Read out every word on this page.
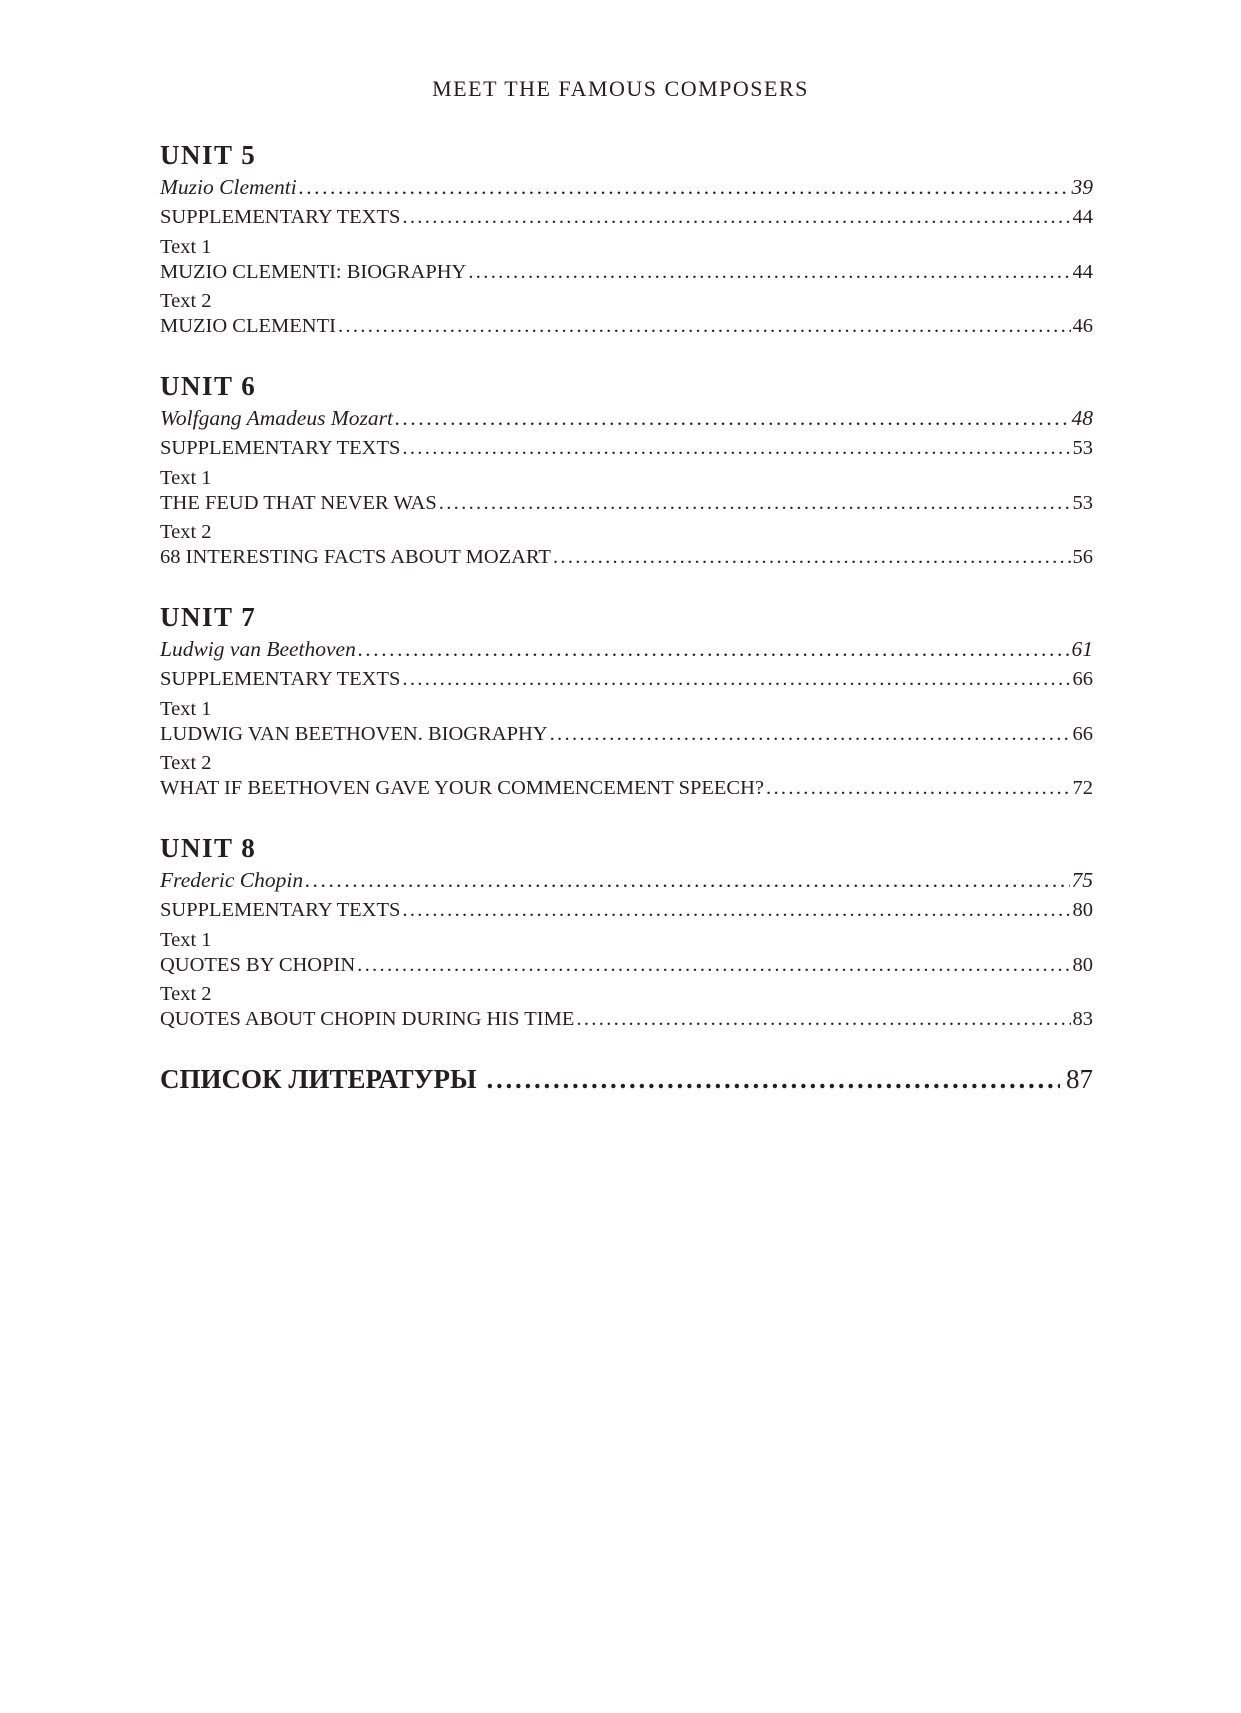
MEET THE FAMOUS COMPOSERS
UNIT 5
Muzio Clementi . . .	39
SUPPLEMENTARY TEXTS . . .	44
Text 1
MUZIO CLEMENTI: BIOGRAPHY . . .	44
Text 2
MUZIO CLEMENTI . . .	46
UNIT 6
Wolfgang Amadeus Mozart . . .	48
SUPPLEMENTARY TEXTS . . .	53
Text 1
THE FEUD THAT NEVER WAS . . .	53
Text 2
68 INTERESTING FACTS ABOUT MOZART . . .	56
UNIT 7
Ludwig van Beethoven . . .	61
SUPPLEMENTARY TEXTS . . .	66
Text 1
LUDWIG VAN BEETHOVEN. BIOGRAPHY . . .	66
Text 2
WHAT IF BEETHOVEN GAVE YOUR COMMENCEMENT SPEECH? . . .	72
UNIT 8
Frederic Chopin . . .	75
SUPPLEMENTARY TEXTS . . .	80
Text 1
QUOTES BY CHOPIN . . .	80
Text 2
QUOTES ABOUT CHOPIN DURING HIS TIME . . .	83
СПИСОК ЛИТЕРАТУРЫ . . .	87
